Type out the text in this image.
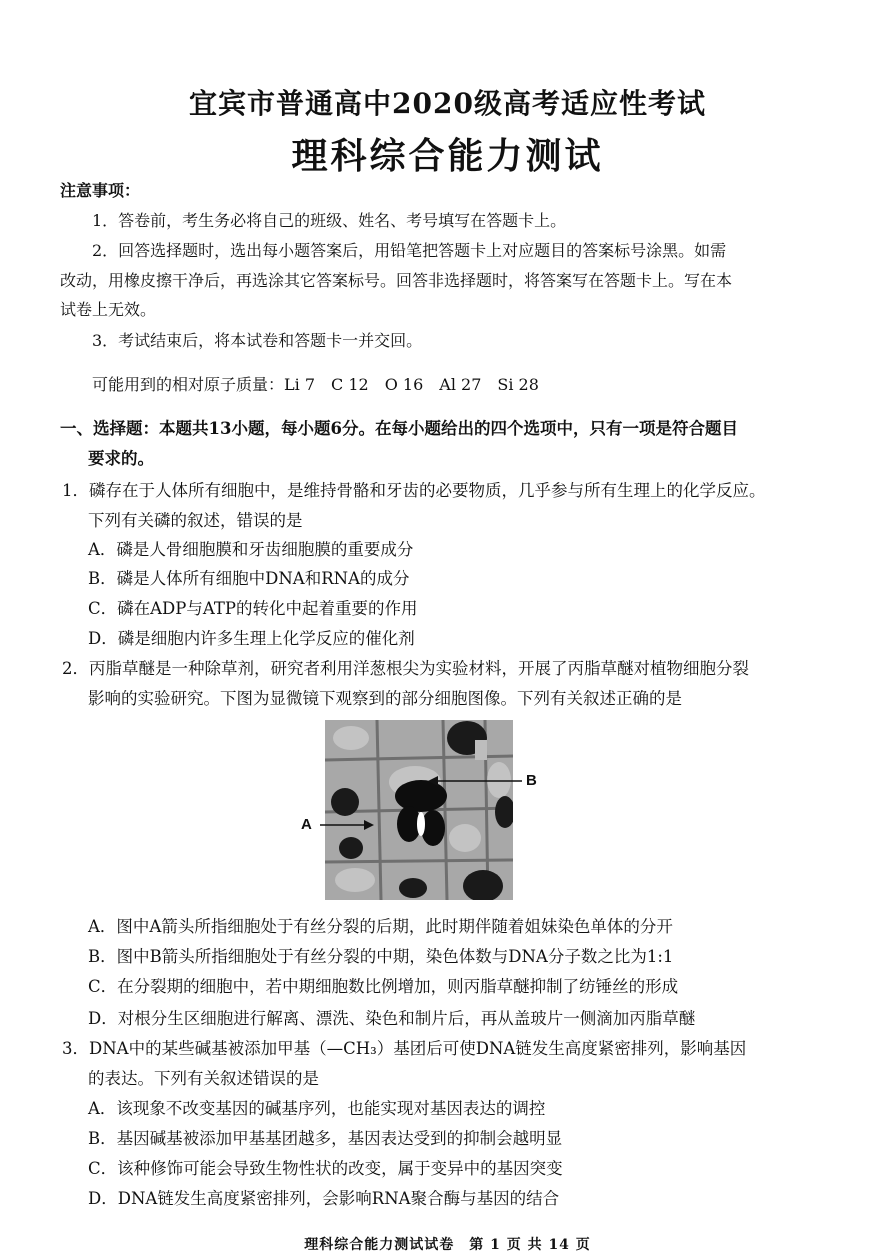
宜宾市普通高中2020级高考适应性考试
理科综合能力测试
注意事项：
1．答卷前，考生务必将自己的班级、姓名、考号填写在答题卡上。
2．回答选择题时，选出每小题答案后，用铅笔把答题卡上对应题目的答案标号涂黑。如需
改动，用橡皮擦干净后，再选涂其它答案标号。回答非选择题时，将答案写在答题卡上。写在本
试卷上无效。
3．考试结束后，将本试卷和答题卡一并交回。
可能用到的相对原子质量：Li 7　C 12　O 16　Al 27　Si 28
一、选择题：本题共13小题，每小题6分。在每小题给出的四个选项中，只有一项是符合题目
要求的。
1．磷存在于人体所有细胞中，是维持骨骼和牙齿的必要物质，几乎参与所有生理上的化学反应。
下列有关磷的叙述，错误的是
A．磷是人骨细胞膜和牙齿细胞膜的重要成分
B．磷是人体所有细胞中DNA和RNA的成分
C．磷在ADP与ATP的转化中起着重要的作用
D．磷是细胞内许多生理上化学反应的催化剂
2．丙脂草醚是一种除草剂，研究者利用洋葱根尖为实验材料，开展了丙脂草醚对植物细胞分裂
影响的实验研究。下图为显微镜下观察到的部分细胞图像。下列有关叙述正确的是
A
B
A．图中A箭头所指细胞处于有丝分裂的后期，此时期伴随着姐妹染色单体的分开
B．图中B箭头所指细胞处于有丝分裂的中期，染色体数与DNA分子数之比为1:1
C．在分裂期的细胞中，若中期细胞数比例增加，则丙脂草醚抑制了纺锤丝的形成
D．对根分生区细胞进行解离、漂洗、染色和制片后，再从盖玻片一侧滴加丙脂草醚
3．DNA中的某些碱基被添加甲基（—CH₃）基团后可使DNA链发生高度紧密排列，影响基因
的表达。下列有关叙述错误的是
A．该现象不改变基因的碱基序列，也能实现对基因表达的调控
B．基因碱基被添加甲基基团越多，基因表达受到的抑制会越明显
C．该种修饰可能会导致生物性状的改变，属于变异中的基因突变
D．DNA链发生高度紧密排列，会影响RNA聚合酶与基因的结合
理科综合能力测试试卷　第 1 页 共 14 页
